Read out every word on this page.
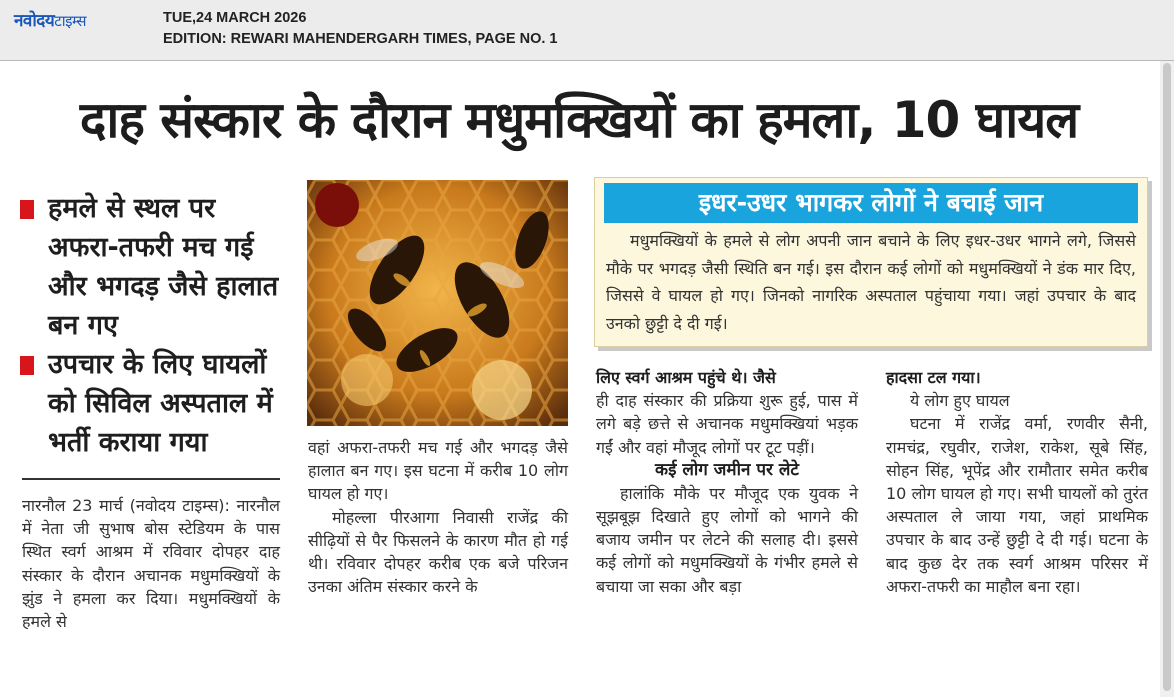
नवोदयटाइम्स	TUE,24 MARCH 2026
EDITION: REWARI MAHENDERGARH TIMES, PAGE NO. 1
दाह संस्कार के दौरान मधुमक्खियों का हमला, 10 घायल
हमले से स्थल पर अफरा-तफरी मच गई और भगदड़ जैसे हालात बन गए
उपचार के लिए घायलों को सिविल अस्पताल में भर्ती कराया गया

नारनौल 23 मार्च (नवोदय टाइम्स): नारनौल में नेता जी सुभाष बोस स्टेडियम के पास स्थित स्वर्ग आश्रम में रविवार दोपहर दाह संस्कार के दौरान अचानक मधुमक्खियों के झुंड ने हमला कर दिया। मधुमक्खियों के हमले से

वहां अफरा-तफरी मच गई और भगदड़ जैसे हालात बन गए। इस घटना में करीब 10 लोग घायल हो गए।

मोहल्ला पीरआगा निवासी राजेंद्र की सीढ़ियों से पैर फिसलने के कारण मौत हो गई थी। रविवार दोपहर करीब एक बजे परिजन उनका अंतिम संस्कार करने के

इधर-उधर भागकर लोगों ने बचाई जान
मधुमक्खियों के हमले से लोग अपनी जान बचाने के लिए इधर-उधर भागने लगे, जिससे मौके पर भगदड़ जैसी स्थिति बन गई। इस दौरान कई लोगों को मधुमक्खियों ने डंक मार दिए, जिससे वे घायल हो गए। जिनको नागरिक अस्पताल पहुंचाया गया। जहां उपचार के बाद उनको छुट्टी दे दी गई।

लिए स्वर्ग आश्रम पहुंचे थे। जैसे

ही दाह संस्कार की प्रक्रिया शुरू हुई, पास में लगे बड़े छत्ते से अचानक मधुमक्खियां भड़क गईं और वहां मौजूद लोगों पर टूट पड़ीं।

कई लोग जमीन पर लेटे

हालांकि मौके पर मौजूद एक युवक ने सूझबूझ दिखाते हुए लोगों को भागने की बजाय जमीन पर लेटने की सलाह दी। इससे कई लोगों को मधुमक्खियों के गंभीर हमले से बचाया जा सका और बड़ा

हादसा टल गया।

ये लोग हुए घायल

घटना में राजेंद्र वर्मा, रणवीर सैनी, रामचंद्र, रघुवीर, राजेश, राकेश, सूबे सिंह, सोहन सिंह, भूपेंद्र और रामौतार समेत करीब 10 लोग घायल हो गए। सभी घायलों को तुरंत अस्पताल ले जाया गया, जहां प्राथमिक उपचार के बाद उन्हें छुट्टी दे दी गई। घटना के बाद कुछ देर तक स्वर्ग आश्रम परिसर में अफरा-तफरी का माहौल बना रहा।
